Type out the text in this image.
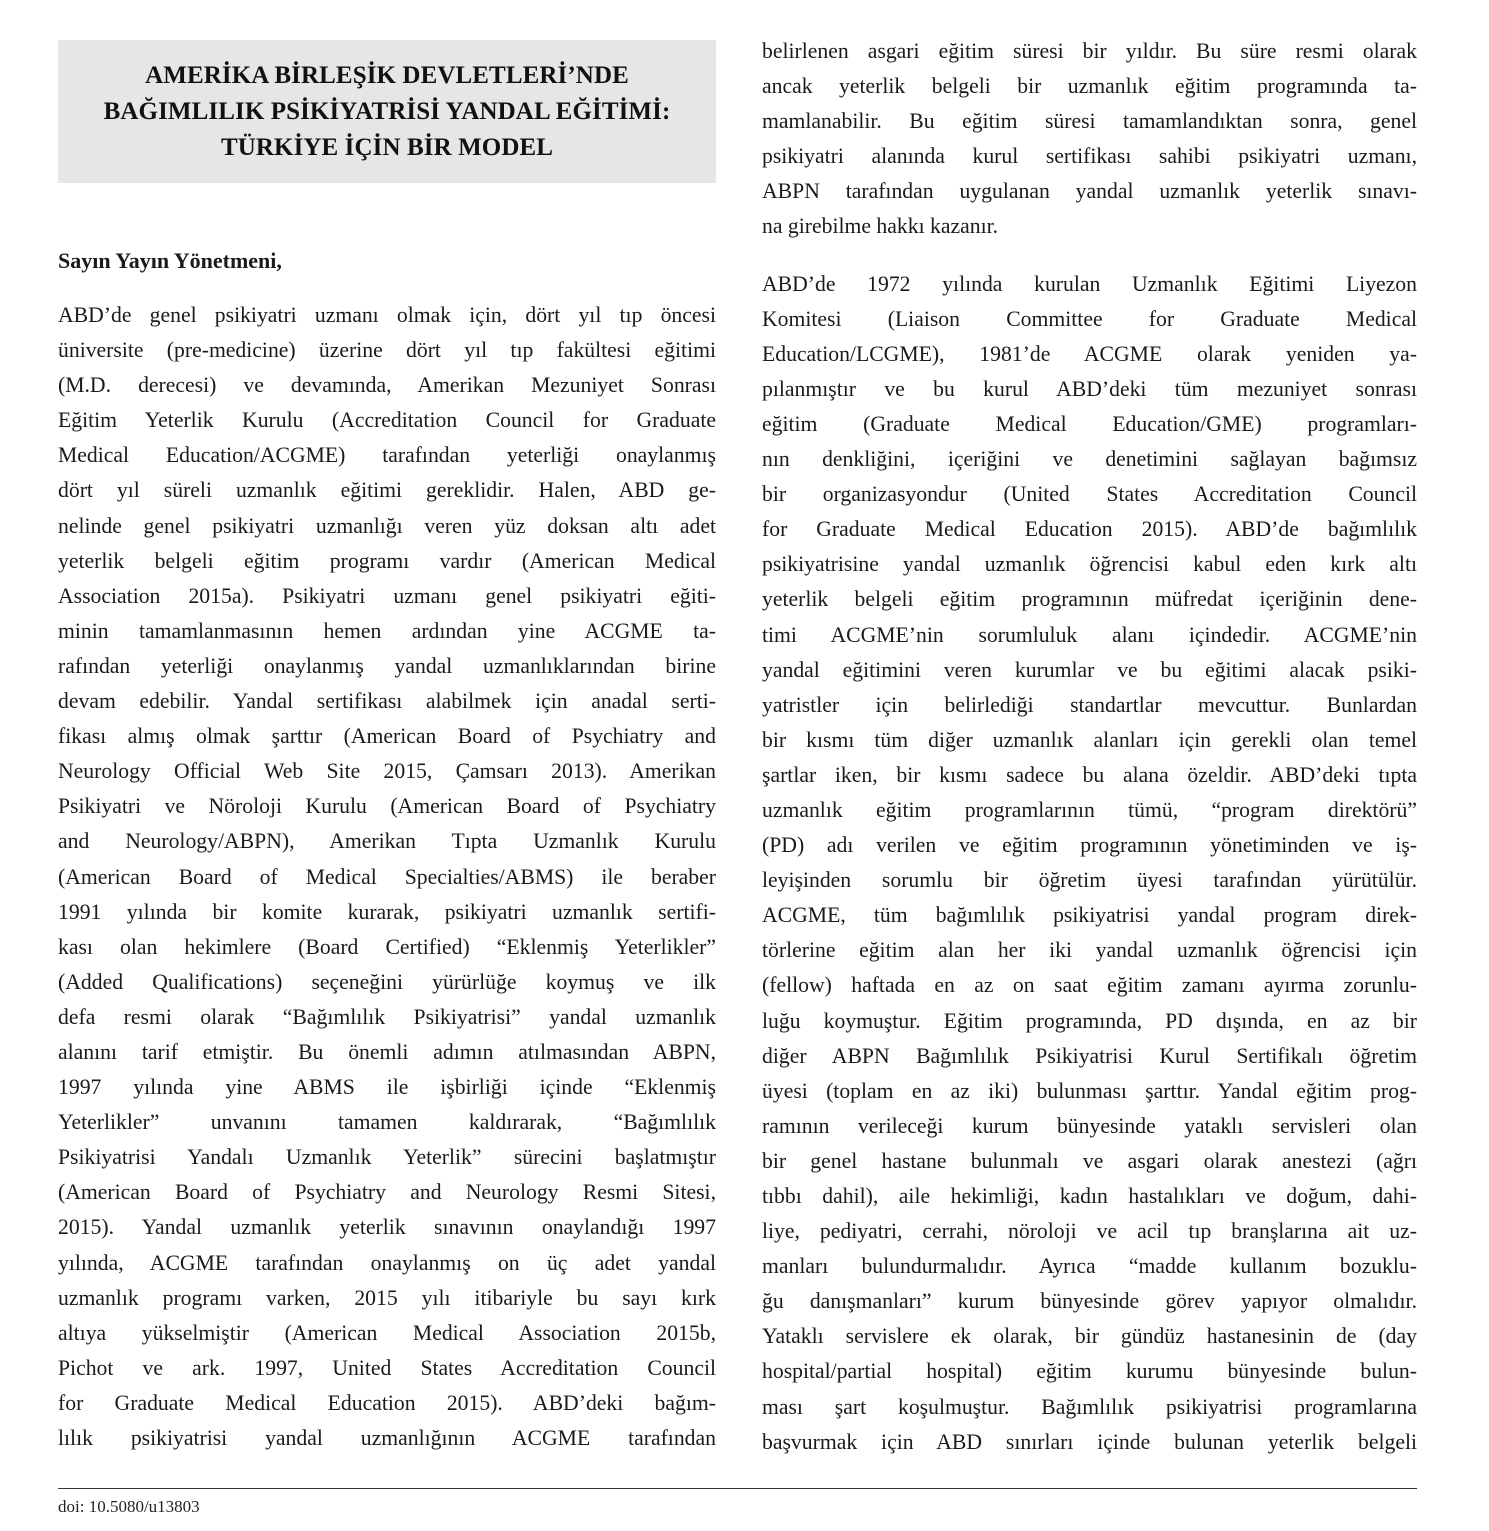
AMERİKA BİRLEŞİK DEVLETLERİ’NDE
BAĞIMLILIK PSİKİYATRİSİ YANDAL EĞİTİMİ:
TÜRKİYE İÇİN BİR MODEL
Sayın Yayın Yönetmeni,
ABD’de genel psikiyatri uzmanı olmak için, dört yıl tıp öncesi
üniversite (pre-medicine) üzerine dört yıl tıp fakültesi eğitimi
(M.D. derecesi) ve devamında, Amerikan Mezuniyet Sonrası
Eğitim Yeterlik Kurulu (Accreditation Council for Graduate
Medical Education/ACGME) tarafından yeterliği onaylanmış
dört yıl süreli uzmanlık eğitimi gereklidir. Halen, ABD ge-
nelinde genel psikiyatri uzmanlığı veren yüz doksan altı adet
yeterlik belgeli eğitim programı vardır (American Medical
Association 2015a). Psikiyatri uzmanı genel psikiyatri eğiti-
minin tamamlanmasının hemen ardından yine ACGME ta-
rafından yeterliği onaylanmış yandal uzmanlıklarından birine
devam edebilir. Yandal sertifikası alabilmek için anadal serti-
fikası almış olmak şarttır (American Board of Psychiatry and
Neurology Official Web Site 2015, Çamsarı 2013). Amerikan
Psikiyatri ve Nöroloji Kurulu (American Board of Psychiatry
and Neurology/ABPN), Amerikan Tıpta Uzmanlık Kurulu
(American Board of Medical Specialties/ABMS) ile beraber
1991 yılında bir komite kurarak, psikiyatri uzmanlık sertifi-
kası olan hekimlere (Board Certified) “Eklenmiş Yeterlikler”
(Added Qualifications) seçeneğini yürürlüğe koymuş ve ilk
defa resmi olarak “Bağımlılık Psikiyatrisi” yandal uzmanlık
alanını tarif etmiştir. Bu önemli adımın atılmasından ABPN,
1997 yılında yine ABMS ile işbirliği içinde “Eklenmiş
Yeterlikler” unvanını tamamen kaldırarak, “Bağımlılık
Psikiyatrisi Yandalı Uzmanlık Yeterlik” sürecini başlatmıştır
(American Board of Psychiatry and Neurology Resmi Sitesi,
2015). Yandal uzmanlık yeterlik sınavının onaylandığı 1997
yılında, ACGME tarafından onaylanmış on üç adet yandal
uzmanlık programı varken, 2015 yılı itibariyle bu sayı kırk
altıya yükselmiştir (American Medical Association 2015b,
Pichot ve ark. 1997, United States Accreditation Council
for Graduate Medical Education 2015). ABD’deki bağım-
lılık psikiyatrisi yandal uzmanlığının ACGME tarafından
belirlenen asgari eğitim süresi bir yıldır. Bu süre resmi olarak
ancak yeterlik belgeli bir uzmanlık eğitim programında ta-
mamlanabilir. Bu eğitim süresi tamamlandıktan sonra, genel
psikiyatri alanında kurul sertifikası sahibi psikiyatri uzmanı,
ABPN tarafından uygulanan yandal uzmanlık yeterlik sınavı-
na girebilme hakkı kazanır.
ABD’de 1972 yılında kurulan Uzmanlık Eğitimi Liyezon
Komitesi (Liaison Committee for Graduate Medical
Education/LCGME), 1981’de ACGME olarak yeniden ya-
pılanmıştır ve bu kurul ABD’deki tüm mezuniyet sonrası
eğitim (Graduate Medical Education/GME) programları-
nın denkliğini, içeriğini ve denetimini sağlayan bağımsız
bir organizasyondur (United States Accreditation Council
for Graduate Medical Education 2015). ABD’de bağımlılık
psikiyatrisine yandal uzmanlık öğrencisi kabul eden kırk altı
yeterlik belgeli eğitim programının müfredat içeriğinin dene-
timi ACGME’nin sorumluluk alanı içindedir. ACGME’nin
yandal eğitimini veren kurumlar ve bu eğitimi alacak psiki-
yatristler için belirlediği standartlar mevcuttur. Bunlardan
bir kısmı tüm diğer uzmanlık alanları için gerekli olan temel
şartlar iken, bir kısmı sadece bu alana özeldir. ABD’deki tıpta
uzmanlık eğitim programlarının tümü, “program direktörü”
(PD) adı verilen ve eğitim programının yönetiminden ve iş-
leyişinden sorumlu bir öğretim üyesi tarafından yürütülür.
ACGME, tüm bağımlılık psikiyatrisi yandal program direk-
törlerine eğitim alan her iki yandal uzmanlık öğrencisi için
(fellow) haftada en az on saat eğitim zamanı ayırma zorunlu-
luğu koymuştur. Eğitim programında, PD dışında, en az bir
diğer ABPN Bağımlılık Psikiyatrisi Kurul Sertifikalı öğretim
üyesi (toplam en az iki) bulunması şarttır. Yandal eğitim prog-
ramının verileceği kurum bünyesinde yataklı servisleri olan
bir genel hastane bulunmalı ve asgari olarak anestezi (ağrı
tıbbı dahil), aile hekimliği, kadın hastalıkları ve doğum, dahi-
liye, pediyatri, cerrahi, nöroloji ve acil tıp branşlarına ait uz-
manları bulundurmalıdır. Ayrıca “madde kullanım bozuklu-
ğu danışmanları” kurum bünyesinde görev yapıyor olmalıdır.
Yataklı servislere ek olarak, bir gündüz hastanesinin de (day
hospital/partial hospital) eğitim kurumu bünyesinde bulun-
ması şart koşulmuştur. Bağımlılık psikiyatrisi programlarına
başvurmak için ABD sınırları içinde bulunan yeterlik belgeli
doi: 10.5080/u13803
